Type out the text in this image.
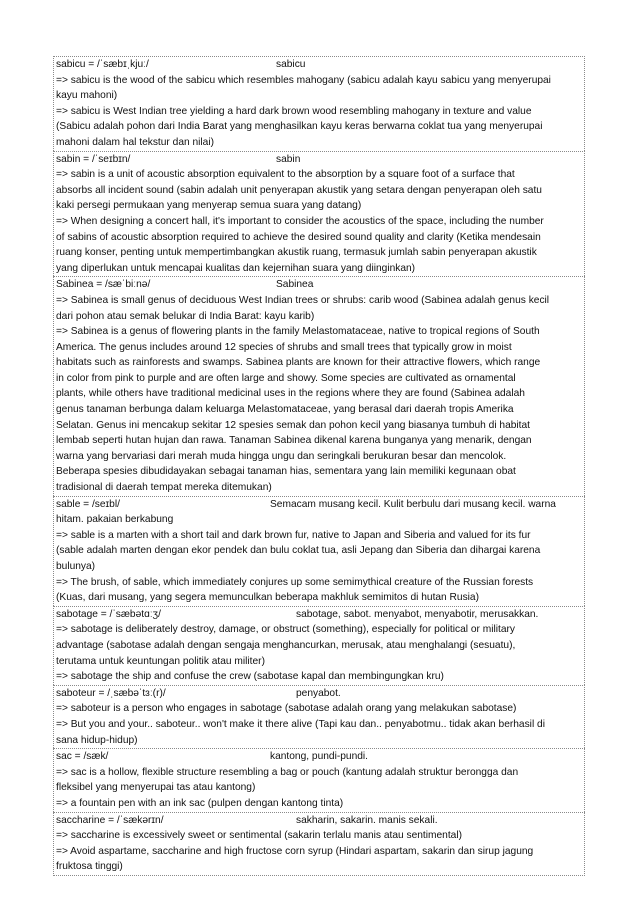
sabicu = /ˈsæbɪˌkjuː/	sabicu
=> sabicu is the wood of the sabicu which resembles mahogany (sabicu adalah kayu sabicu yang menyerupai
kayu mahoni)
=> sabicu is West Indian tree yielding a hard dark brown wood resembling mahogany in texture and value
(Sabicu adalah pohon dari India Barat yang menghasilkan kayu keras berwarna coklat tua yang menyerupai
mahoni dalam hal tekstur dan nilai)
sabin = /ˈseɪbɪn/	sabin
=> sabin is a unit of acoustic absorption equivalent to the absorption by a square foot of a surface that
absorbs all incident sound (sabin adalah unit penyerapan akustik yang setara dengan penyerapan oleh satu
kaki persegi permukaan yang menyerap semua suara yang datang)
=> When designing a concert hall, it's important to consider the acoustics of the space, including the number
of sabins of acoustic absorption required to achieve the desired sound quality and clarity (Ketika mendesain
ruang konser, penting untuk mempertimbangkan akustik ruang, termasuk jumlah sabin penyerapan akustik
yang diperlukan untuk mencapai kualitas dan kejernihan suara yang diinginkan)
Sabinea = /sæˈbiːnə/	Sabinea
=> Sabinea is small genus of deciduous West Indian trees or shrubs: carib wood (Sabinea adalah genus kecil
dari pohon atau semak belukar di India Barat: kayu karib)
=> Sabinea is a genus of flowering plants in the family Melastomataceae, native to tropical regions of South
America. The genus includes around 12 species of shrubs and small trees that typically grow in moist
habitats such as rainforests and swamps. Sabinea plants are known for their attractive flowers, which range
in color from pink to purple and are often large and showy. Some species are cultivated as ornamental
plants, while others have traditional medicinal uses in the regions where they are found (Sabinea adalah
genus tanaman berbunga dalam keluarga Melastomataceae, yang berasal dari daerah tropis Amerika
Selatan. Genus ini mencakup sekitar 12 spesies semak dan pohon kecil yang biasanya tumbuh di habitat
lembab seperti hutan hujan dan rawa. Tanaman Sabinea dikenal karena bunganya yang menarik, dengan
warna yang bervariasi dari merah muda hingga ungu dan seringkali berukuran besar dan mencolok.
Beberapa spesies dibudidayakan sebagai tanaman hias, sementara yang lain memiliki kegunaan obat
tradisional di daerah tempat mereka ditemukan)
sable = /seɪbl/	Semacam musang kecil. Kulit berbulu dari musang kecil. warna
hitam. pakaian berkabung
=> sable is a marten with a short tail and dark brown fur, native to Japan and Siberia and valued for its fur
(sable adalah marten dengan ekor pendek dan bulu coklat tua, asli Jepang dan Siberia dan dihargai karena
bulunya)
=> The brush, of sable, which immediately conjures up some semimythical creature of the Russian forests
(Kuas, dari musang, yang segera memunculkan beberapa makhluk semimitos di hutan Rusia)
sabotage = /ˈsæbətɑːʒ/	sabotage, sabot. menyabot, menyabotir, merusakkan.
=> sabotage is deliberately destroy, damage, or obstruct (something), especially for political or military
advantage (sabotase adalah dengan sengaja menghancurkan, merusak, atau menghalangi (sesuatu),
terutama untuk keuntungan politik atau militer)
=> sabotage the ship and confuse the crew (sabotase kapal dan membingungkan kru)
saboteur = /ˌsæbəˈtɜː(r)/	penyabot.
=> saboteur is a person who engages in sabotage (sabotase adalah orang yang melakukan sabotase)
=> But you and your.. saboteur.. won't make it there alive (Tapi kau dan.. penyabotmu.. tidak akan berhasil di
sana hidup-hidup)
sac = /sæk/	kantong, pundi-pundi.
=> sac is a hollow, flexible structure resembling a bag or pouch (kantung adalah struktur berongga dan
fleksibel yang menyerupai tas atau kantong)
=> a fountain pen with an ink sac (pulpen dengan kantong tinta)
saccharine = /ˈsækərɪn/	sakharin, sakarin. manis sekali.
=> saccharine is excessively sweet or sentimental (sakarin terlalu manis atau sentimental)
=> Avoid aspartame, saccharine and high fructose corn syrup (Hindari aspartam, sakarin dan sirup jagung
fruktosa tinggi)
